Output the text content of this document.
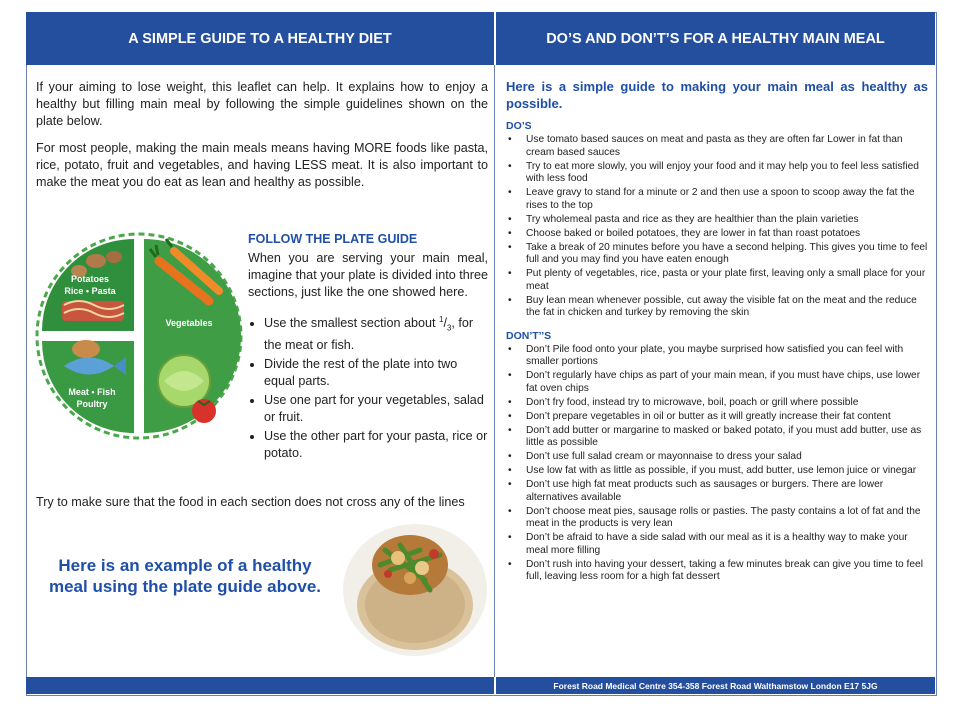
A SIMPLE GUIDE TO A HEALTHY DIET	DO’S AND DON’T’S FOR A HEALTHY MAIN MEAL

If your aiming to lose weight, this leaflet can help. It explains how to enjoy a healthy but filling main meal by following the simple guidelines shown on the plate below.

For most people, making the main meals means having MORE foods like pasta, rice, potato, fruit and vegetables, and having LESS meat. It is also important to make the meat you do eat as lean and healthy as possible.

Potatoes
Rice • Pasta
Vegetables
Meat • Fish
Poultry
FOLLOW THE PLATE GUIDE

When you are serving your main meal, imagine that your plate is divided into three sections, just like the one showed here.

• Use the smallest section about $^1/_3$, for the meat or fish.
• Divide the rest of the plate into two equal parts.
• Use one part for your vegetables, salad or fruit.
• Use the other part for your pasta, rice or potato.
Try to make sure that the food in each section does not cross any of the lines
Here is an example of a healthy meal using the plate guide above.

Here is a simple guide to making your main meal as healthy as possible.

DO’S

• Use tomato based sauces on meat and pasta as they are often far Lower in fat than cream based sauces
• Try to eat more slowly, you will enjoy your food and it may help you to feel less satisfied with less food
• Leave gravy to stand for a minute or 2 and then use a spoon to scoop away the fat the rises to the top
• Try wholemeal pasta and rice as they are healthier than the plain varieties
• Choose baked or boiled potatoes, they are lower in fat than roast potatoes
• Take a break of 20 minutes before you have a second helping. This gives you time to feel full and you may find you have eaten enough
• Put plenty of vegetables, rice, pasta or your plate first, leaving only a small place for your meat
• Buy lean mean whenever possible, cut away the visible fat on the meat and the reduce the fat in chicken and turkey by removing the skin

DON’T’’S

• Don’t Pile food onto your plate, you maybe surprised how satisfied you can feel with smaller portions
• Don’t regularly have chips as part of your main mean, if you must have chips, use lower fat oven chips
• Don’t fry food, instead try to microwave, boil, poach or grill where possible
• Don’t prepare vegetables in oil or butter as it will greatly increase their fat content
• Don’t add butter or margarine to masked or baked potato, if you must add butter, use as little as possible
• Don’t use full salad cream or mayonnaise to dress your salad
• Use low fat with as little as possible, if you must, add butter, use lemon juice or vinegar
• Don’t use high fat meat products such as sausages or burgers. There are lower alternatives available
• Don’t choose meat pies, sausage rolls or pasties. The pasty contains a lot of fat and the meat in the products is very lean
• Don’t be afraid to have a side salad with our meal as it is a healthy way to make your meal more filling
• Don’t rush into having your dessert, taking a few minutes break can give you time to feel full, leaving less room for a high fat dessert
Forest Road Medical Centre 354-358 Forest Road Walthamstow London E17 5JG
